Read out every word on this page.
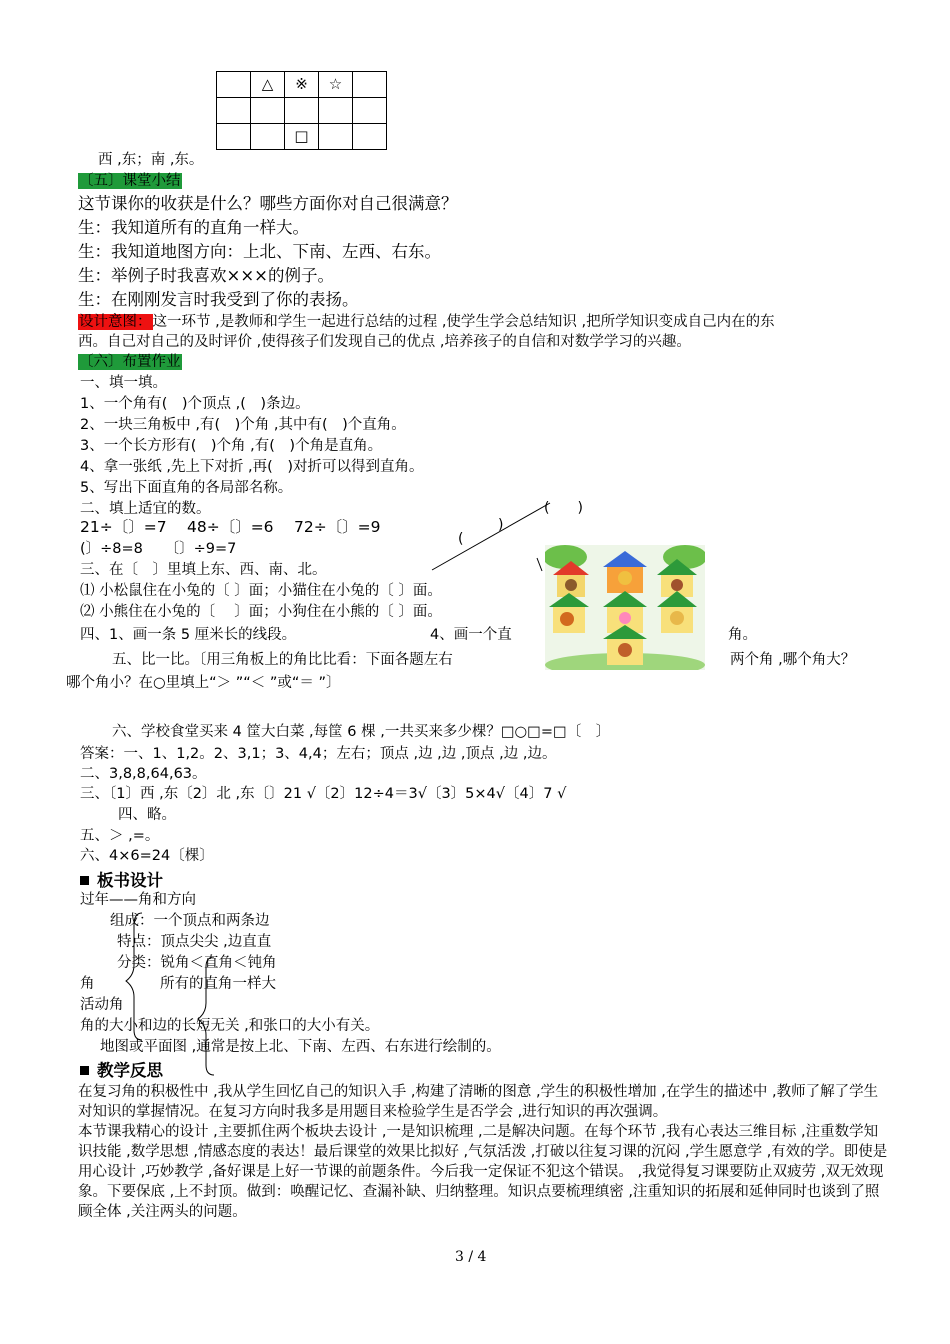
	△	※	☆	

		□		
西 ,东；南 ,东。
〔五〕课堂小结
这节课你的收获是什么？哪些方面你对自己很满意？
生：我知道所有的直角一样大。
生：我知道地图方向：上北、下南、左西、右东。
生：举例子时我喜欢×××的例子。
生：在刚刚发言时我受到了你的表扬。
设计意图：这一环节 ,是教师和学生一起进行总结的过程 ,使学生学会总结知识 ,把所学知识变成自己内在的东
西。自己对自己的及时评价 ,使得孩子们发现自己的优点 ,培养孩子的自信和对数学学习的兴趣。
〔六〕布置作业
一、填一填。
1、一个角有(　)个顶点 ,(　)条边。
2、一块三角板中 ,有(　)个角 ,其中有(　)个直角。
3、一个长方形有(　)个角 ,有(　)个角是直角。
4、拿一张纸 ,先上下对折 ,再(　)对折可以得到直角。
5、写出下面直角的各局部名称。
二、填上适宜的数。
21÷〔〕=7　 48÷〔〕=6　 72÷〔〕=9
(〕÷8=8　　〔〕÷9=7
三、在〔　〕里填上东、西、南、北。
⑴ 小松鼠住在小兔的〔 〕面；小猫住在小兔的〔 〕面。
⑵ 小熊住在小兔的〔　 〕面；小狗住在小熊的〔 〕面。
四、1、画一条 5 厘米长的线段。	4、画一个直	角。
五、比一比。〔用三角板上的角比比看：下面各题左右	两个角 ,哪个角大？
哪个角小？在○里填上“＞ ”“＜ ”或“＝ ”〕
六、学校食堂买来 4 筐大白菜 ,每筐 6 棵 ,一共买来多少棵？□○□=□〔　〕
(　　)
)
(
答案：一、1、1,2。2、3,1；3、4,4；左右；顶点 ,边 ,边 ,顶点 ,边 ,边。
二、3,8,8,64,63。
三、〔1〕西 ,东〔2〕北 ,东〔〕21 √〔2〕12÷4＝3√〔3〕5×4√〔4〕7 √
四、略。
五、＞ ,=。
六、4×6=24〔棵〕
板书设计
过年——角和方向
组成：一个顶点和两条边
特点：顶点尖尖 ,边直直
分类：锐角＜直角＜钝角
角	所有的直角一样大
活动角
角的大小和边的长短无关 ,和张口的大小有关。
地图或平面图 ,通常是按上北、下南、左西、右东进行绘制的。
教学反思
在复习角的积极性中 ,我从学生回忆自己的知识入手 ,构建了清晰的图意 ,学生的积极性增加 ,在学生的描述中 ,教师了解了学生对知识的掌握情况。在复习方向时我多是用题目来检验学生是否学会 ,进行知识的再次强调。
本节课我精心的设计 ,主要抓住两个板块去设计 ,一是知识梳理 ,二是解决问题。在每个环节 ,我有心表达三维目标 ,注重数学知识技能 ,数学思想 ,情感态度的表达！最后课堂的效果比拟好 ,气氛活泼 ,打破以往复习课的沉闷 ,学生愿意学 ,有效的学。即使是用心设计 ,巧妙教学 ,备好课是上好一节课的前题条件。今后我一定保证不犯这个错误。 ,我觉得复习课要防止双疲劳 ,双无效现象。下要保底 ,上不封顶。做到：唤醒记忆、查漏补缺、归纳整理。知识点要梳理缜密 ,注重知识的拓展和延伸同时也谈到了照顾全体 ,关注两头的问题。
3 / 4
